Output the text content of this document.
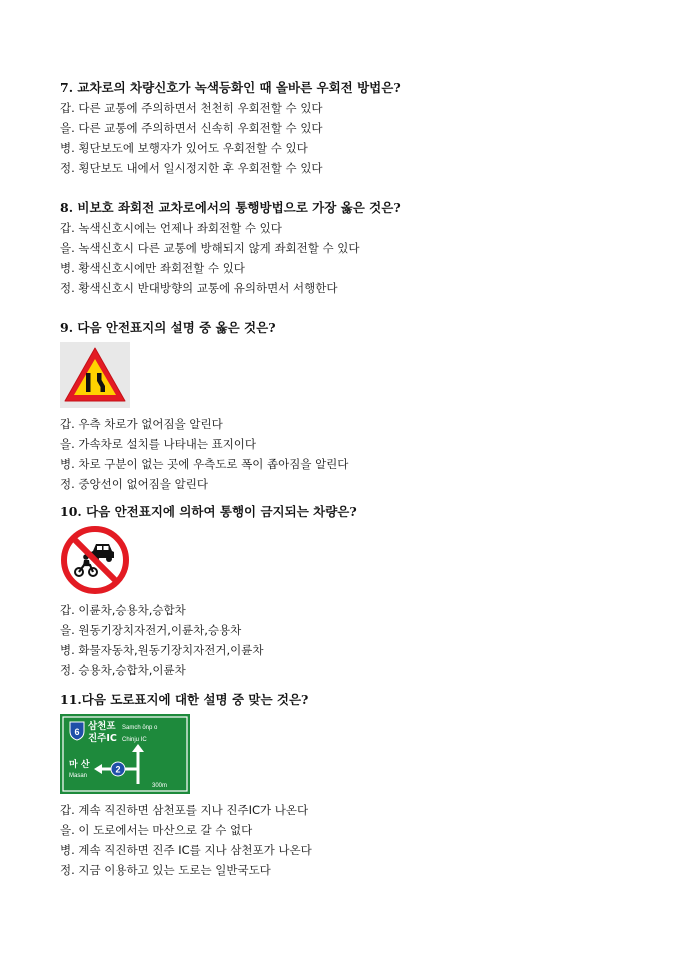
7. 교차로의 차량신호가 녹색등화인 때 올바른 우회전 방법은?
갑. 다른 교통에 주의하면서 천천히 우회전할 수 있다
을. 다른 교통에 주의하면서 신속히 우회전할 수 있다
병. 횡단보도에 보행자가 있어도 우회전할 수 있다
정. 횡단보도 내에서 일시정지한 후 우회전할 수 있다
8. 비보호 좌회전 교차로에서의 통행방법으로 가장 옳은 것은?
갑. 녹색신호시에는 언제나 좌회전할 수 있다
을. 녹색신호시 다른 교통에 방해되지 않게 좌회전할 수 있다
병. 황색신호시에만 좌회전할 수 있다
정. 황색신호시 반대방향의 교통에 유의하면서 서행한다
9. 다음 안전표지의 설명 중 옳은 것은?
갑. 우측 차로가 없어짐을 알린다
을. 가속차로 설치를 나타내는 표지이다
병. 차로 구분이 없는 곳에 우측도로 폭이 좁아짐을 알린다
정. 중앙선이 없어짐을 알린다
10. 다음 안전표지에 의하여 통행이 금지되는 차량은?
갑. 이륜차,승용차,승합차
을. 원동기장치자전거,이륜차,승용차
병. 화물자동차,원동기장치자전거,이륜차
정. 승용차,승합차,이륜차
11.다음 도로표지에 대한 설명 중 맞는 것은?
6 삼천포 Samch ŏnp o
진주IC Chinju IC
2
마 산
Masan
300m
갑. 계속 직진하면 삼천포를 지나 진주IC가 나온다
을. 이 도로에서는 마산으로 갈 수 없다
병. 계속 직진하면 진주 IC를 지나 삼천포가 나온다
정. 지금 이용하고 있는 도로는 일반국도다
